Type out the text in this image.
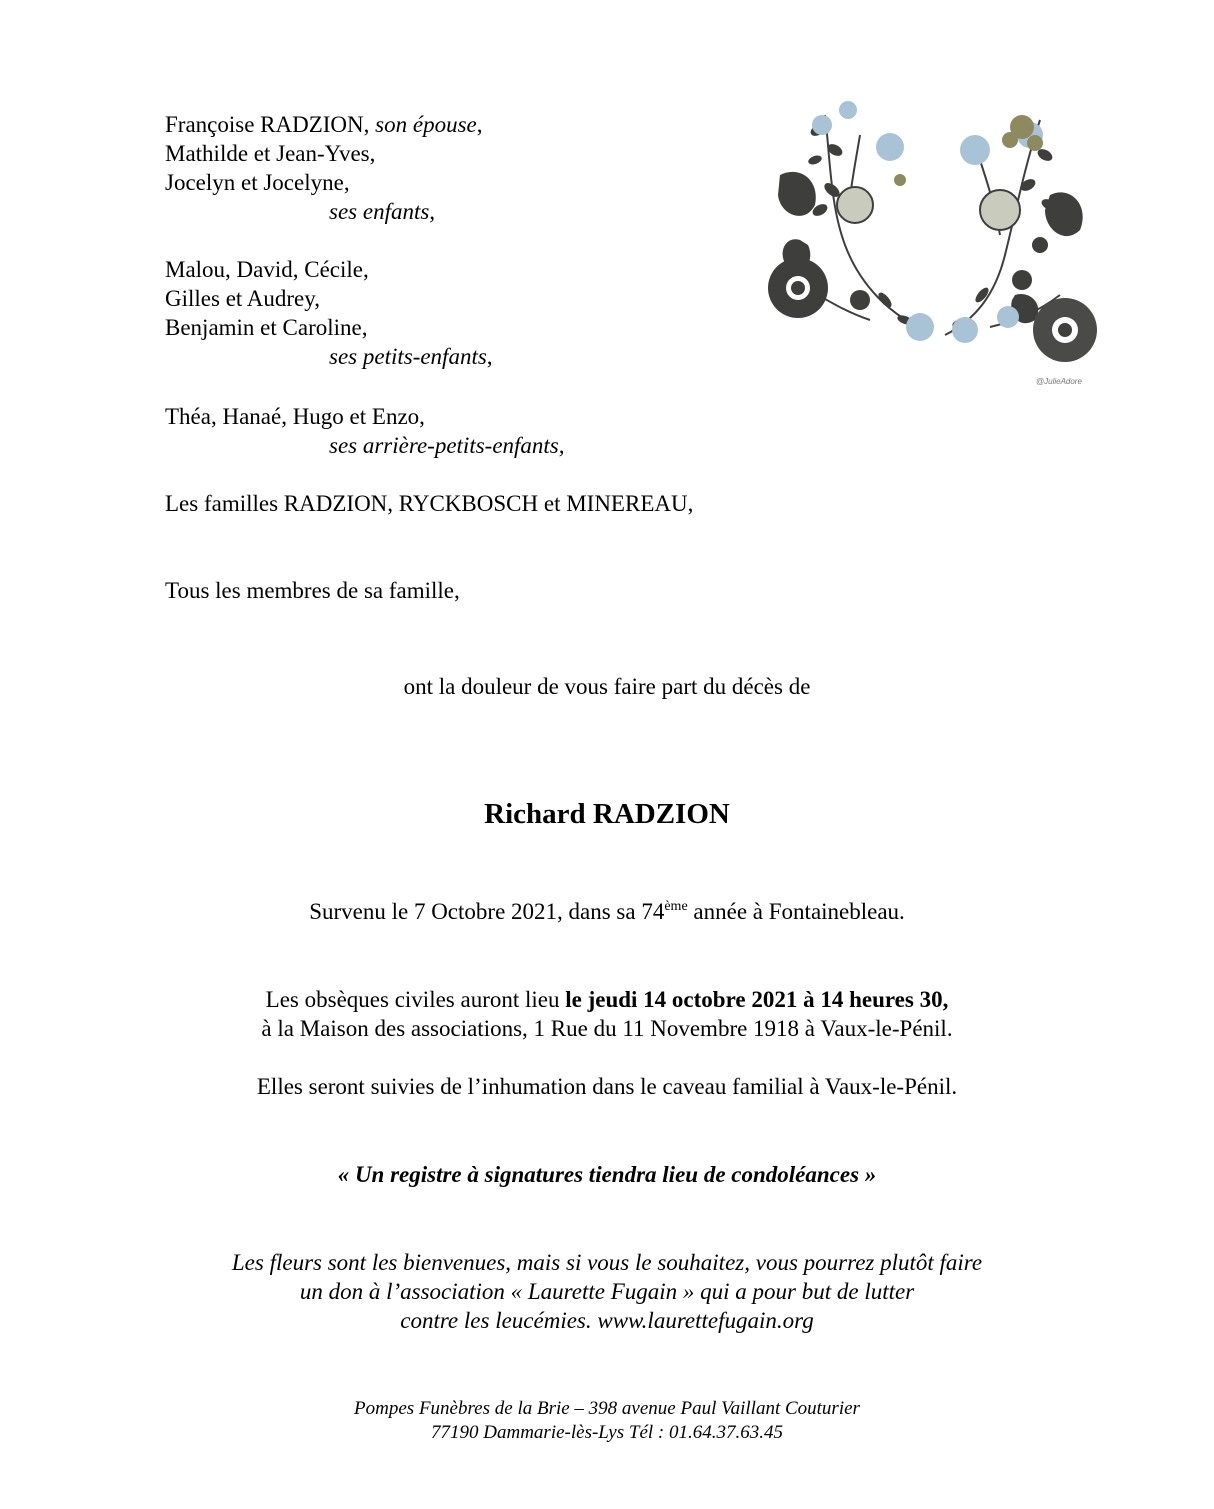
Françoise RADZION, son épouse,
Mathilde et Jean-Yves,
Jocelyn et Jocelyne,
ses enfants,
Malou, David, Cécile,
Gilles et Audrey,
Benjamin et Caroline,
ses petits-enfants,
Théa, Hanaé, Hugo et Enzo,
ses arrière-petits-enfants,
Les familles RADZION, RYCKBOSCH et MINEREAU,
Tous les membres de sa famille,
ont la douleur de vous faire part du décès de
Richard RADZION
Survenu le 7 Octobre 2021, dans sa 74ème année à Fontainebleau.
Les obsèques civiles auront lieu le jeudi 14 octobre 2021 à 14 heures 30,
à la Maison des associations, 1 Rue du 11 Novembre 1918 à Vaux-le-Pénil.
Elles seront suivies de l’inhumation dans le caveau familial à Vaux-le-Pénil.
« Un registre à signatures tiendra lieu de condoléances »
Les fleurs sont les bienvenues, mais si vous le souhaitez, vous pourrez plutôt faire
un don à l’association « Laurette Fugain » qui a pour but de lutter
contre les leucémies. www.laurettefugain.org
Pompes Funèbres de la Brie – 398 avenue Paul Vaillant Couturier
77190 Dammarie-lès-Lys Tél : 01.64.37.63.45
@JulieAdore
